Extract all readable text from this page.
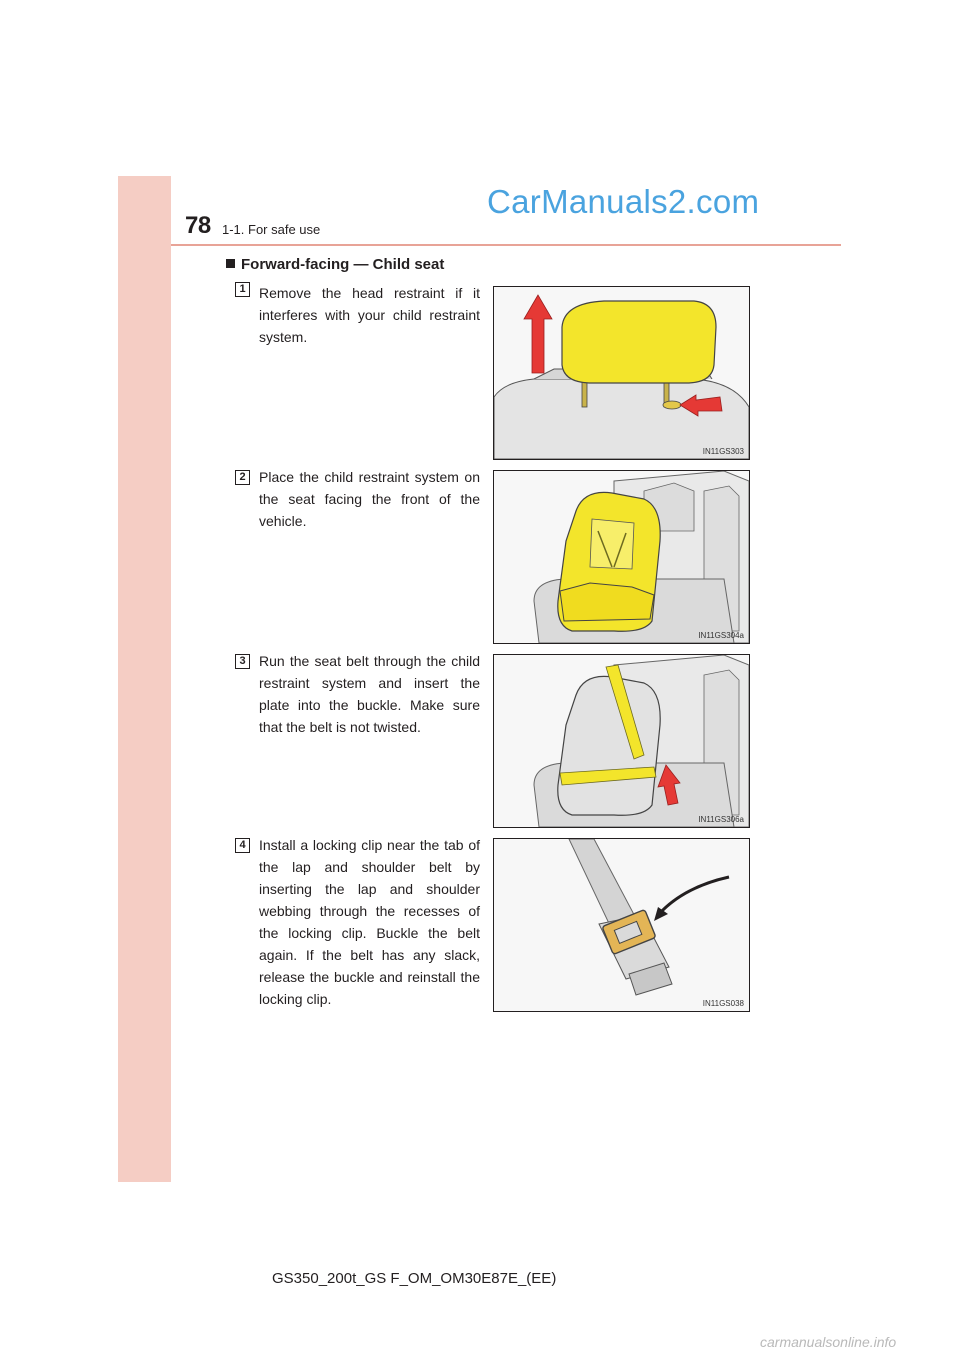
78 1-1. For safe use
CarManuals2.com
Forward-facing — Child seat
1 Remove the head restraint if it interferes with your child restraint system.
IN11GS303
2 Place the child restraint system on the seat facing the front of the vehicle.
IN11GS304a
3 Run the seat belt through the child restraint system and insert the plate into the buckle. Make sure that the belt is not twisted.
IN11GS306a
4 Install a locking clip near the tab of the lap and shoulder belt by inserting the lap and shoulder webbing through the recesses of the locking clip. Buckle the belt again. If the belt has any slack, release the buckle and reinstall the locking clip.	IN11GS038
GS350_200t_GS F_OM_OM30E87E_(EE)
carmanualsonline.info
